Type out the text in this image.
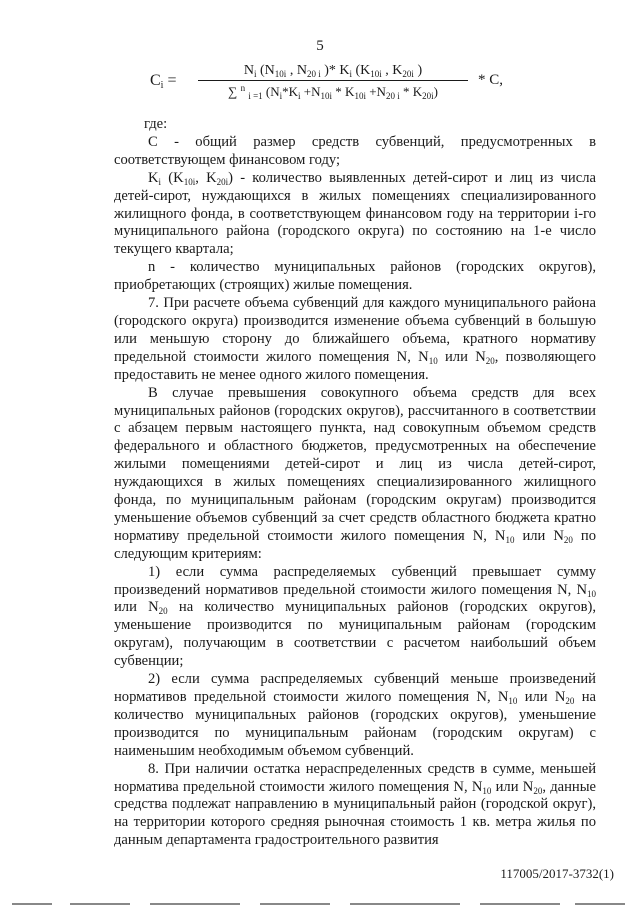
5
$C_i$ =
$N_i$ ($N_{10i}$ , $N_{20 i}$ )* $K_i$ ($K_{10i}$ , $K_{20i}$ )
∑ $^n$ $_{i =1}$ $(N_i*K_i +N_{10i} * K_{10i} +N_{20 i} * K_{20i})$
* C,

где:

С - общий размер средств субвенций, предусмотренных в соответствующем финансовом году;

$K_i$ ($K_{10i}$, $K_{20i}$) - количество выявленных детей-сирот и лиц из числа детей-сирот, нуждающихся в жилых помещениях специализированного жилищного фонда, в соответствующем финансовом году на территории i-го муниципального района (городского округа) по состоянию на 1-е число текущего квартала;

n - количество муниципальных районов (городских округов), приобретающих (строящих) жилые помещения.

7. При расчете объема субвенций для каждого муниципального района (городского округа) производится изменение объема субвенций в большую или меньшую сторону до ближайшего объема, кратного нормативу предельной стоимости жилого помещения N, $N_{10}$ или $N_{20}$, позволяющего предоставить не менее одного жилого помещения.

В случае превышения совокупного объема средств для всех муниципальных районов (городских округов), рассчитанного в соответствии с абзацем первым настоящего пункта, над совокупным объемом средств федерального и областного бюджетов, предусмотренных на обеспечение жилыми помещениями детей-сирот и лиц из числа детей-сирот, нуждающихся в жилых помещениях специализированного жилищного фонда, по муниципальным районам (городским округам) производится уменьшение объемов субвенций за счет средств областного бюджета кратно нормативу предельной стоимости жилого помещения N, $N_{10}$ или $N_{20}$ по следующим критериям:

1) если сумма распределяемых субвенций превышает сумму произведений нормативов предельной стоимости жилого помещения N, $N_{10}$ или $N_{20}$ на количество муниципальных районов (городских округов), уменьшение производится по муниципальным районам (городским округам), получающим в соответствии с расчетом наибольший объем субвенции;

2) если сумма распределяемых субвенций меньше произведений нормативов предельной стоимости жилого помещения N, $N_{10}$ или $N_{20}$ на количество муниципальных районов (городских округов), уменьшение производится по муниципальным районам (городским округам) с наименьшим необходимым объемом субвенций.

8. При наличии остатка нераспределенных средств в сумме, меньшей норматива предельной стоимости жилого помещения N, $N_{10}$ или $N_{20}$, данные средства подлежат направлению в муниципальный район (городской округ), на территории которого средняя рыночная стоимость 1 кв. метра жилья по данным департамента градостроительного развития

117005/2017-3732(1)
